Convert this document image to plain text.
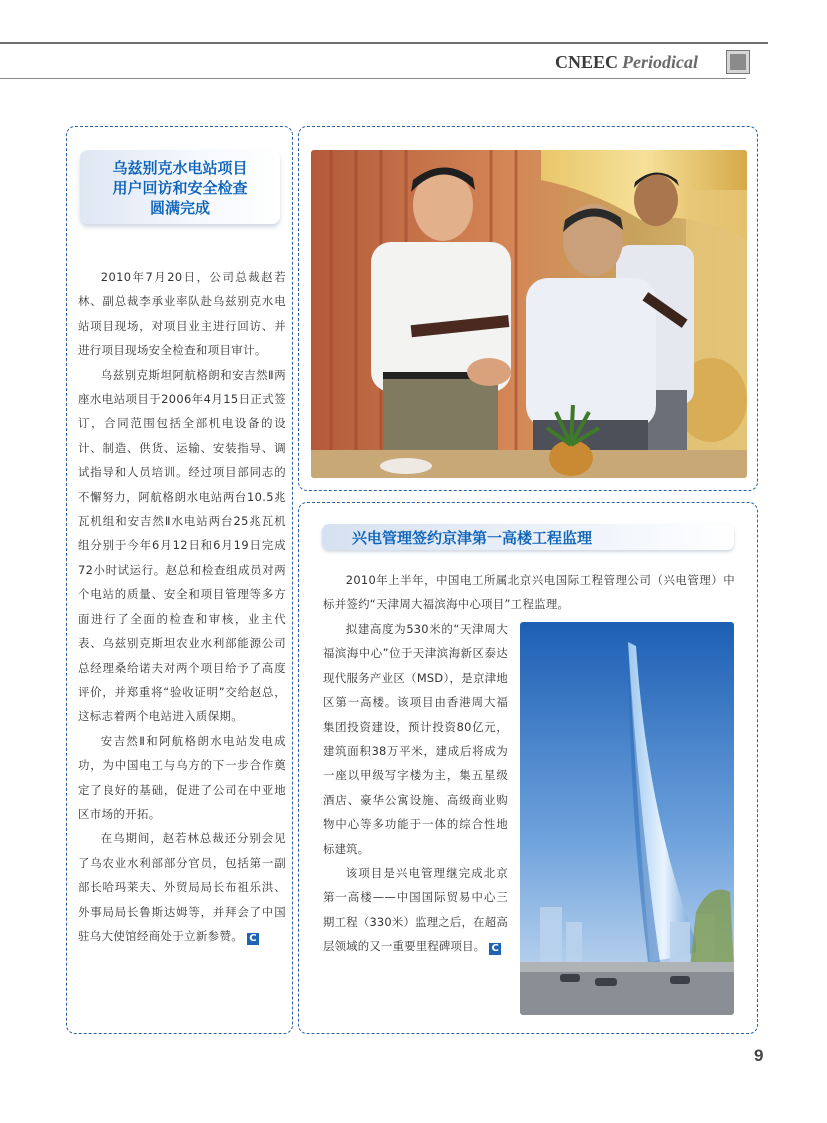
CNEEC Periodical
乌兹别克水电站项目
用户回访和安全检查
圆满完成

2010年7月20日，公司总裁赵若林、副总裁李承业率队赴乌兹别克水电站项目现场，对项目业主进行回访、并进行项目现场安全检查和项目审计。

乌兹别克斯坦阿航格朗和安吉然Ⅱ两座水电站项目于2006年4月15日正式签订，合同范围包括全部机电设备的设计、制造、供货、运输、安装指导、调试指导和人员培训。经过项目部同志的不懈努力，阿航格朗水电站两台10.5兆瓦机组和安吉然Ⅱ水电站两台25兆瓦机组分别于今年6月12日和6月19日完成72小时试运行。赵总和检查组成员对两个电站的质量、安全和项目管理等多方面进行了全面的检查和审核，业主代表、乌兹别克斯坦农业水利部能源公司总经理桑给诺夫对两个项目给予了高度评价，并郑重将“验收证明”交给赵总，这标志着两个电站进入质保期。

安吉然Ⅱ和阿航格朗水电站发电成功，为中国电工与乌方的下一步合作奠定了良好的基础，促进了公司在中亚地区市场的开拓。

在乌期间，赵若林总裁还分别会见了乌农业水利部部分官员，包括第一副部长哈玛莱夫、外贸局局长布祖乐洪、外事局局长鲁斯达姆等，并拜会了中国驻乌大使馆经商处于立新参赞。 C

兴电管理签约京津第一高楼工程监理
2010年上半年，中国电工所属北京兴电国际工程管理公司（兴电管理）中标并签约“天津周大福滨海中心项目”工程监理。

拟建高度为530米的“天津周大福滨海中心”位于天津滨海新区泰达现代服务产业区（MSD），是京津地区第一高楼。该项目由香港周大福集团投资建设，预计投资80亿元，建筑面积38万平米，建成后将成为一座以甲级写字楼为主，集五星级酒店、豪华公寓设施、高级商业购物中心等多功能于一体的综合性地标建筑。

该项目是兴电管理继完成北京第一高楼——中国国际贸易中心三期工程（330米）监理之后，在超高层领域的又一重要里程碑项目。 C

9
